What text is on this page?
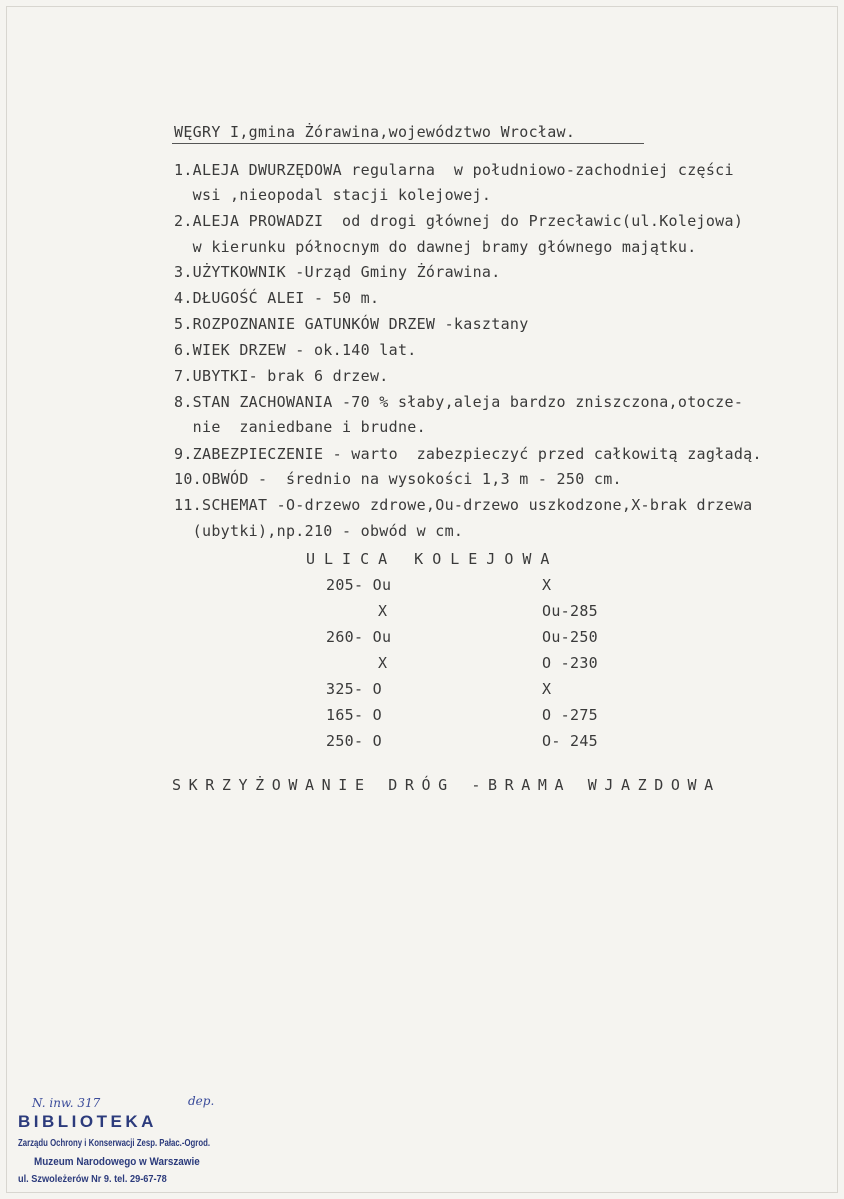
WĘGRY I,gmina Żórawina,województwo Wrocław.
1.ALEJA DWURZĘDOWA regularna  w południowo-zachodniej części
wsi ,nieopodal stacji kolejowej.
2.ALEJA PROWADZI  od drogi głównej do Przecławic(ul.Kolejowa)
w kierunku północnym do dawnej bramy głównego majątku.
3.UŻYTKOWNIK -Urząd Gminy Żórawina.
4.DŁUGOŚĆ ALEI - 50 m.
5.ROZPOZNANIE GATUNKÓW DRZEW -kasztany
6.WIEK DRZEW - ok.140 lat.
7.UBYTKI- brak 6 drzew.
8.STAN ZACHOWANIA -70 % słaby,aleja bardzo zniszczona,otocze-
nie  zaniedbane i brudne.
9.ZABEZPIECZENIE - warto  zabezpieczyć przed całkowitą zagładą.
10.OBWÓD -  średnio na wysokości 1,3 m - 250 cm.
11.SCHEMAT -O-drzewo zdrowe,Ou-drzewo uszkodzone,X-brak drzewa
(ubytki),np.210 - obwód w cm.
ULICA KOLEJOWA
205- Ou	X
X	Ou-285
260- Ou	Ou-250
X	O -230
325- O	X
165- O	O -275
250- O	O- 245
SKRZYŻOWANIE DRÓG -BRAMA WJAZDOWA
N. inw. 317	dep.
BIBLIOTEKA
Zarządu Ochrony i Konserwacji Zesp. Pałac.-Ogrod.
Muzeum Narodowego w Warszawie
ul. Szwoleżerów Nr 9. tel. 29-67-78
